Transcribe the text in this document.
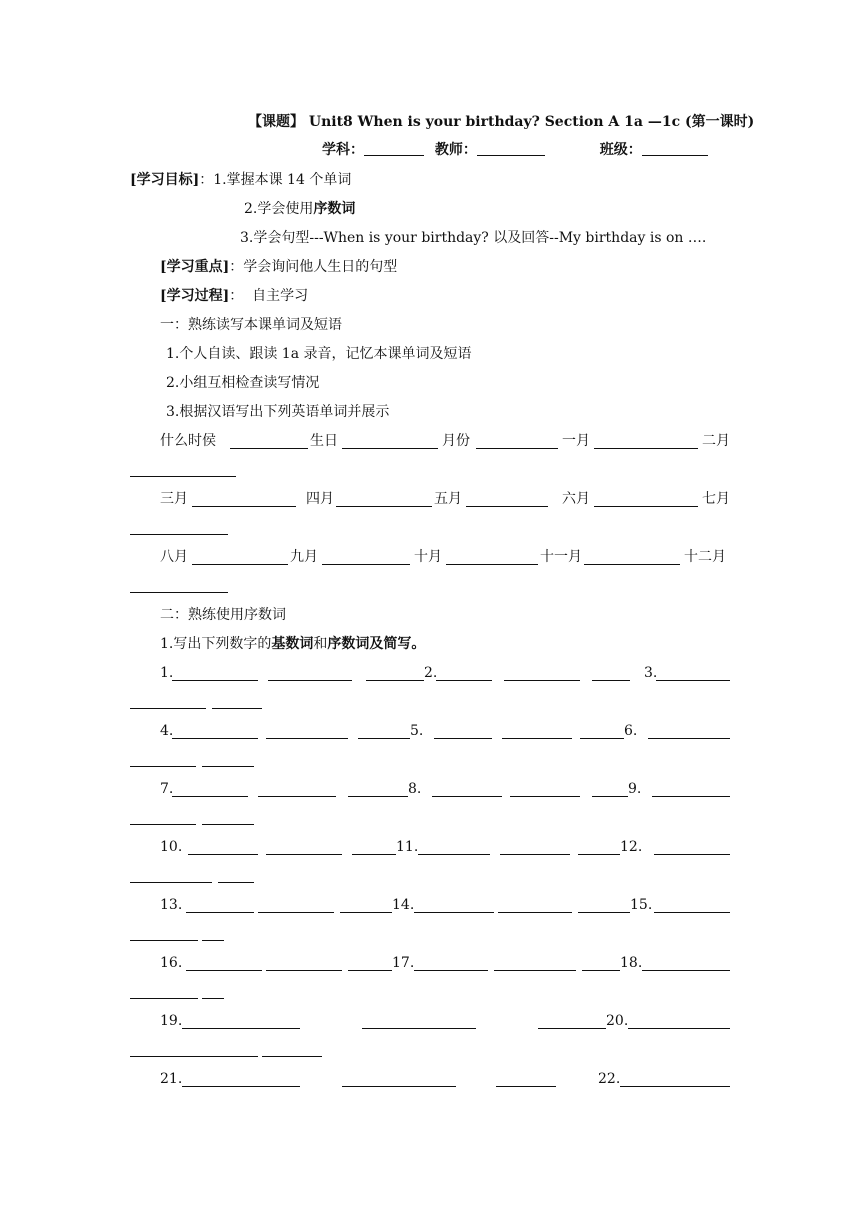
【课题】 Unit8 When is your birthday? Section A 1a —1c (第一课时)
学科：	教师：	班级：
[学习目标]：1.掌握本课 14 个单词
2.学会使用序数词
3.学会句型---When is your birthday? 以及回答--My birthday is on ….
[学习重点]：学会询问他人生日的句型
[学习过程]：  自主学习
一：熟练读写本课单词及短语
1.个人自读、跟读 1a 录音，记忆本课单词及短语
2.小组互相检查读写情况
3.根据汉语写出下列英语单词并展示
什么时侯	生日	月份	一月	二月
三月	四月	五月	六月	七月
八月	九月	十月	十一月	十二月
二：熟练使用序数词
1.写出下列数字的基数词和序数词及简写。
1.	2.	3.
4.	5.	6.
7.	8.	9.
10.	11.	12.
13.	14.	15.
16.	17.	18.
19.	20.
21.	22.
